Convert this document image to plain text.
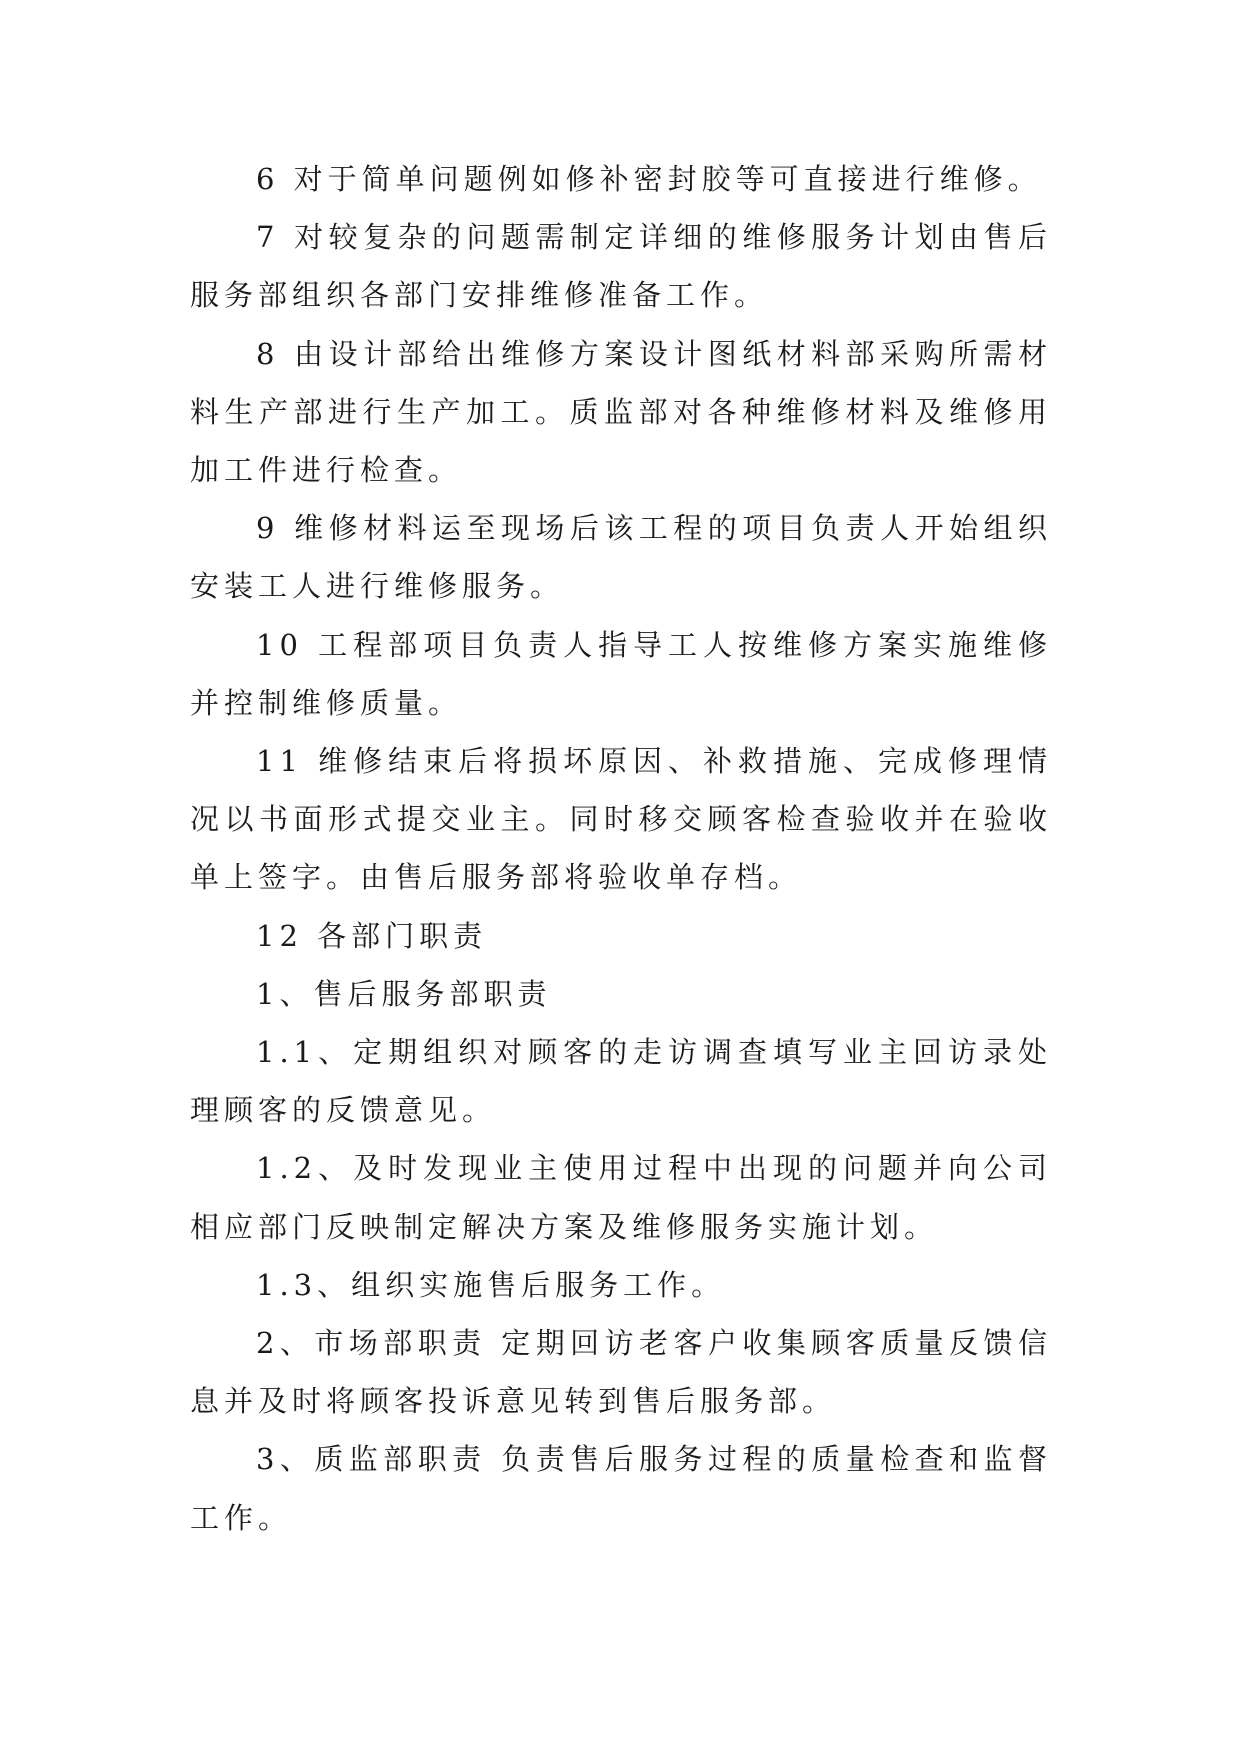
6 对于简单问题例如修补密封胶等可直接进行维修。

7 对较复杂的问题需制定详细的维修服务计划由售后服务部组织各部门安排维修准备工作。

8 由设计部给出维修方案设计图纸材料部采购所需材料生产部进行生产加工。质监部对各种维修材料及维修用加工件进行检查。

9 维修材料运至现场后该工程的项目负责人开始组织安装工人进行维修服务。

10 工程部项目负责人指导工人按维修方案实施维修并控制维修质量。

11 维修结束后将损坏原因、补救措施、完成修理情况以书面形式提交业主。同时移交顾客检查验收并在验收单上签字。由售后服务部将验收单存档。

12 各部门职责

1、售后服务部职责

1.1、定期组织对顾客的走访调查填写业主回访录处理顾客的反馈意见。

1.2、及时发现业主使用过程中出现的问题并向公司相应部门反映制定解决方案及维修服务实施计划。

1.3、组织实施售后服务工作。

2、市场部职责 定期回访老客户收集顾客质量反馈信息并及时将顾客投诉意见转到售后服务部。

3、质监部职责 负责售后服务过程的质量检查和监督工作。
